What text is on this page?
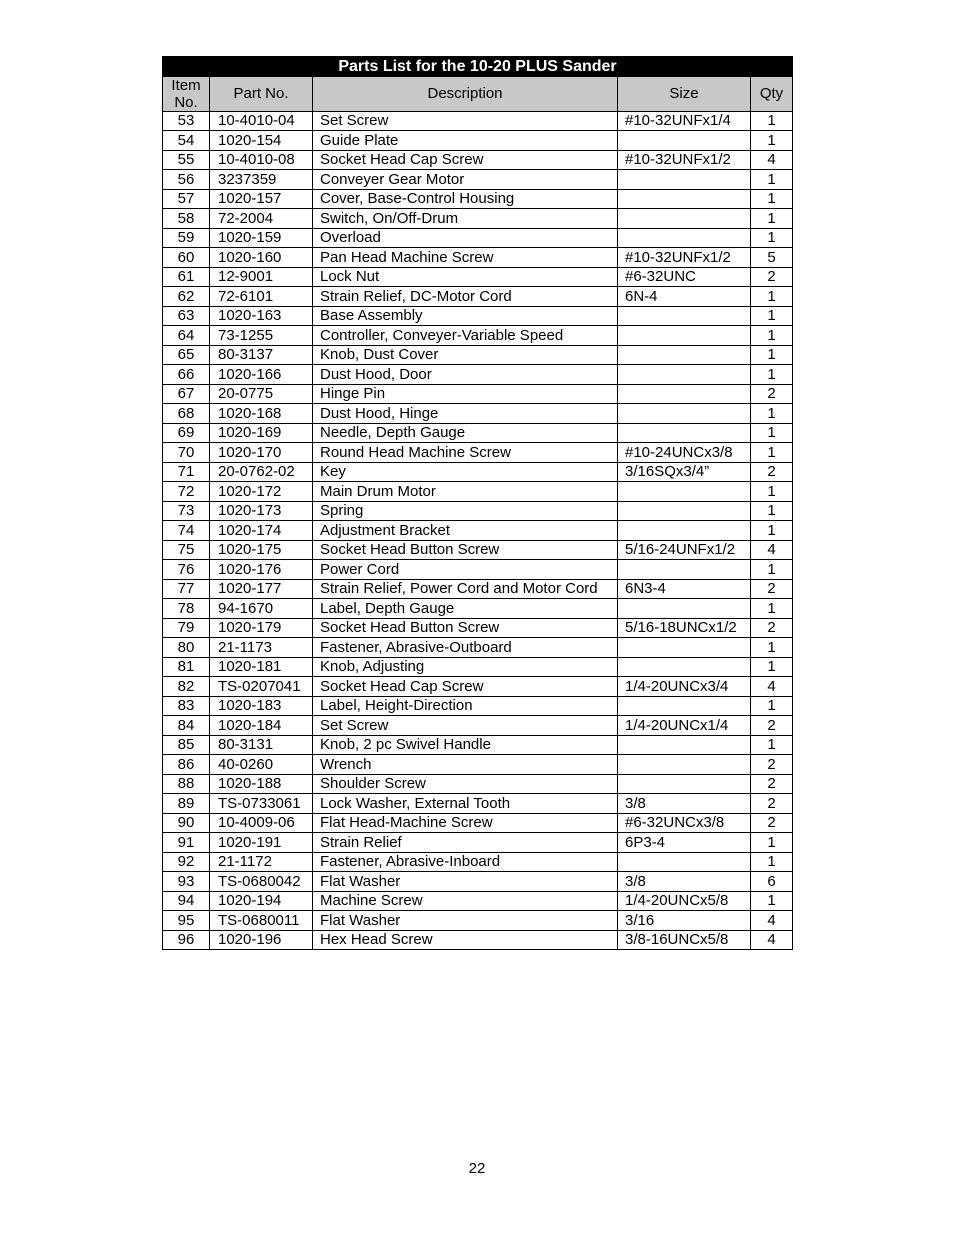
Parts List for the 10-20 PLUS Sander				
Item No.	Part No.	Description	Size	Qty
53	10-4010-04	Set Screw	#10-32UNFx1/4	1
54	1020-154	Guide Plate		1
55	10-4010-08	Socket Head Cap Screw	#10-32UNFx1/2	4
56	3237359	Conveyer Gear Motor		1
57	1020-157	Cover, Base-Control Housing		1
58	72-2004	Switch, On/Off-Drum		1
59	1020-159	Overload		1
60	1020-160	Pan Head Machine Screw	#10-32UNFx1/2	5
61	12-9001	Lock Nut	#6-32UNC	2
62	72-6101	Strain Relief, DC-Motor Cord	6N-4	1
63	1020-163	Base Assembly		1
64	73-1255	Controller, Conveyer-Variable Speed		1
65	80-3137	Knob, Dust Cover		1
66	1020-166	Dust Hood, Door		1
67	20-0775	Hinge Pin		2
68	1020-168	Dust Hood, Hinge		1
69	1020-169	Needle, Depth Gauge		1
70	1020-170	Round Head Machine Screw	#10-24UNCx3/8	1
71	20-0762-02	Key	3/16SQx3/4”	2
72	1020-172	Main Drum Motor		1
73	1020-173	Spring		1
74	1020-174	Adjustment Bracket		1
75	1020-175	Socket Head Button Screw	5/16-24UNFx1/2	4
76	1020-176	Power Cord		1
77	1020-177	Strain Relief, Power Cord and Motor Cord	6N3-4	2
78	94-1670	Label, Depth Gauge		1
79	1020-179	Socket Head Button Screw	5/16-18UNCx1/2	2
80	21-1173	Fastener, Abrasive-Outboard		1
81	1020-181	Knob, Adjusting		1
82	TS-0207041	Socket Head Cap Screw	1/4-20UNCx3/4	4
83	1020-183	Label, Height-Direction		1
84	1020-184	Set Screw	1/4-20UNCx1/4	2
85	80-3131	Knob, 2 pc Swivel Handle		1
86	40-0260	Wrench		2
88	1020-188	Shoulder Screw		2
89	TS-0733061	Lock Washer, External Tooth	3/8	2
90	10-4009-06	Flat Head-Machine Screw	#6-32UNCx3/8	2
91	1020-191	Strain Relief	6P3-4	1
92	21-1172	Fastener, Abrasive-Inboard		1
93	TS-0680042	Flat Washer	3/8	6
94	1020-194	Machine Screw	1/4-20UNCx5/8	1
95	TS-0680011	Flat Washer	3/16	4
96	1020-196	Hex Head Screw	3/8-16UNCx5/8	4
22
